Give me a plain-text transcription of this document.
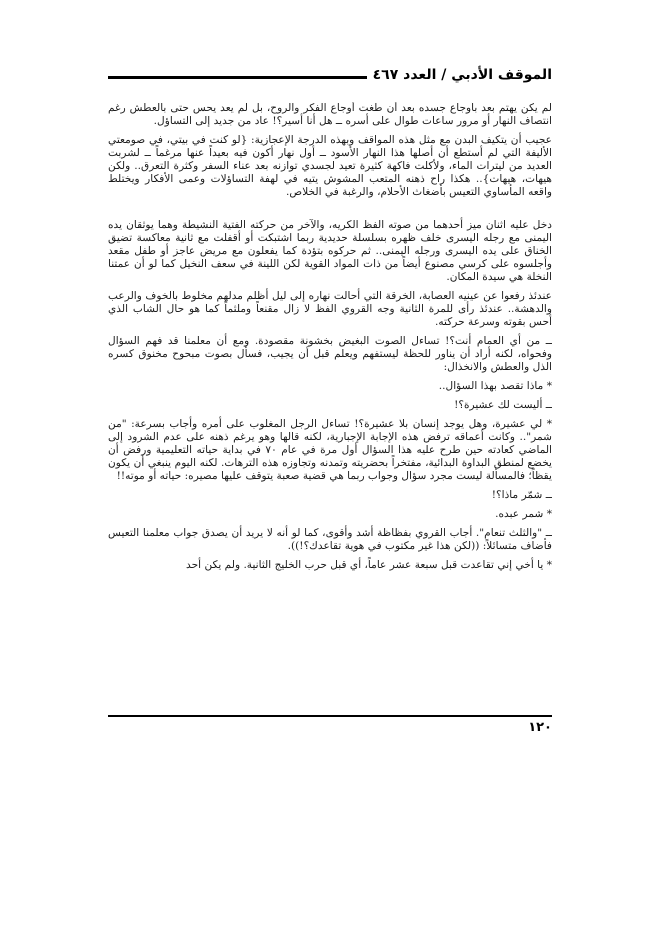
الموقف الأدبي / العدد ٤٦٧

لم يكن يهتم بعد بأوجاع جسده بعد أن طغت أوجاع الفكر والروح، بل لم يعد يحس حتى بالعطش رغم انتصاف النهار أو مرور ساعات طوال على أسره ــ هل أنا أسير؟! عاد من جديد إلى التساؤل.

عجيب أن يتكيف البدن مع مثل هذه المواقف وبهذه الدرجة الإعجازية: {لو كنت في بيتي، في صومعتي الأليفة التي لم أستطع أن أصلها هذا النهار الأسود ــ أول نهار أكون فيه بعيداً عنها مرغماً ــ لشربت العديد من ليترات الماء، ولأكلت فاكهة كثيرة تعيد لجسدي توازنه بعد عناء السفر وكثرة التعرق.. ولكن هيهات، هيهات}.. هكذا راح ذهنه المتعب المشوش يتيه في لهفة التساؤلات وعمى الأفكار ويختلط واقعه المأساوي التعيس بأضغاث الأحلام، والرغبة في الخلاص.

دخل عليه اثنان ميز أحدهما من صوته الفظ الكريه، والآخر من حركته الفتية النشيطة وهما يوثقان يده اليمنى مع رجله اليسرى خلف ظهره بسلسلة حديدية ربما اشتبكت أو أقفلت مع ثانية معاكسة تضيق الخناق على يده اليسرى ورجله اليمنى.. ثم حركوه بتؤدة كما يفعلون مع مريض عاجز أو طفل مقعد وأجلسوه على كرسي مصنوع أيضاً من ذات المواد القوية لكن اللينة في سعف النخيل كما لو أن عمتنا النخلة هي سيدة المكان.

عندئذ رفعوا عن عينيه العصابة، الخرقة التي أحالت نهاره إلى ليل أظلم مدلهم مخلوط بالخوف والرعب والدهشة.. عندئذ رأى للمرة الثانية وجه القروي الفظ لا زال مقنعاً وملثماً كما هو حال الشاب الذي أحس بقوته وسرعة حركته.

ــ من أي العمام أنت؟! تساءل الصوت البغيض بخشونة مقصودة. ومع أن معلمنا قد فهم السؤال وفحواه، لكنه أراد أن يناور للحظة ليستفهم ويعلم قبل أن يجيب، فسأل بصوت مبحوح مخنوق كسره الذل والعطش والانخذال:

* ماذا تقصد بهذا السؤال..

ــ أليست لك عشيرة؟!

* لي عشيرة، وهل يوجد إنسان بلا عشيرة؟! تساءل الرجل المغلوب على أمره وأجاب بسرعة: "من شمر".. وكانت أعماقه ترفض هذه الإجابة الإجبارية، لكنه قالها وهو يرغم ذهنه على عدم الشرود إلى الماضي كعادته حين طرح عليه هذا السؤال أول مرة في عام ٧٠ في بداية حياته التعليمية ورفض أن يخضع لمنطق البداوة البدائية، مفتخراً بحضريته وتمدنه وتجاوزه هذه الترهات. لكنه اليوم ينبغي أن يكون يقظاً؛ فالمسألة ليست مجرد سؤال وجواب ربما هي قضية صعبة يتوقف عليها مصيره: حياته أو موته!!

ــ شمّر ماذا؟!

* شمر عبده.

ــ "والثلث تنعام". أجاب القروي بفظاظة أشد وأقوى، كما لو أنه لا يريد أن يصدق جواب معلمنا التعيس فأضاف متسائلاً: ((لكن هذا غير مكتوب في هوية تقاعدك؟!)).

* يا أخي إني تقاعدت قبل سبعة عشر عاماً، أي قبل حرب الخليج الثانية. ولم يكن أحد

١٢٠
